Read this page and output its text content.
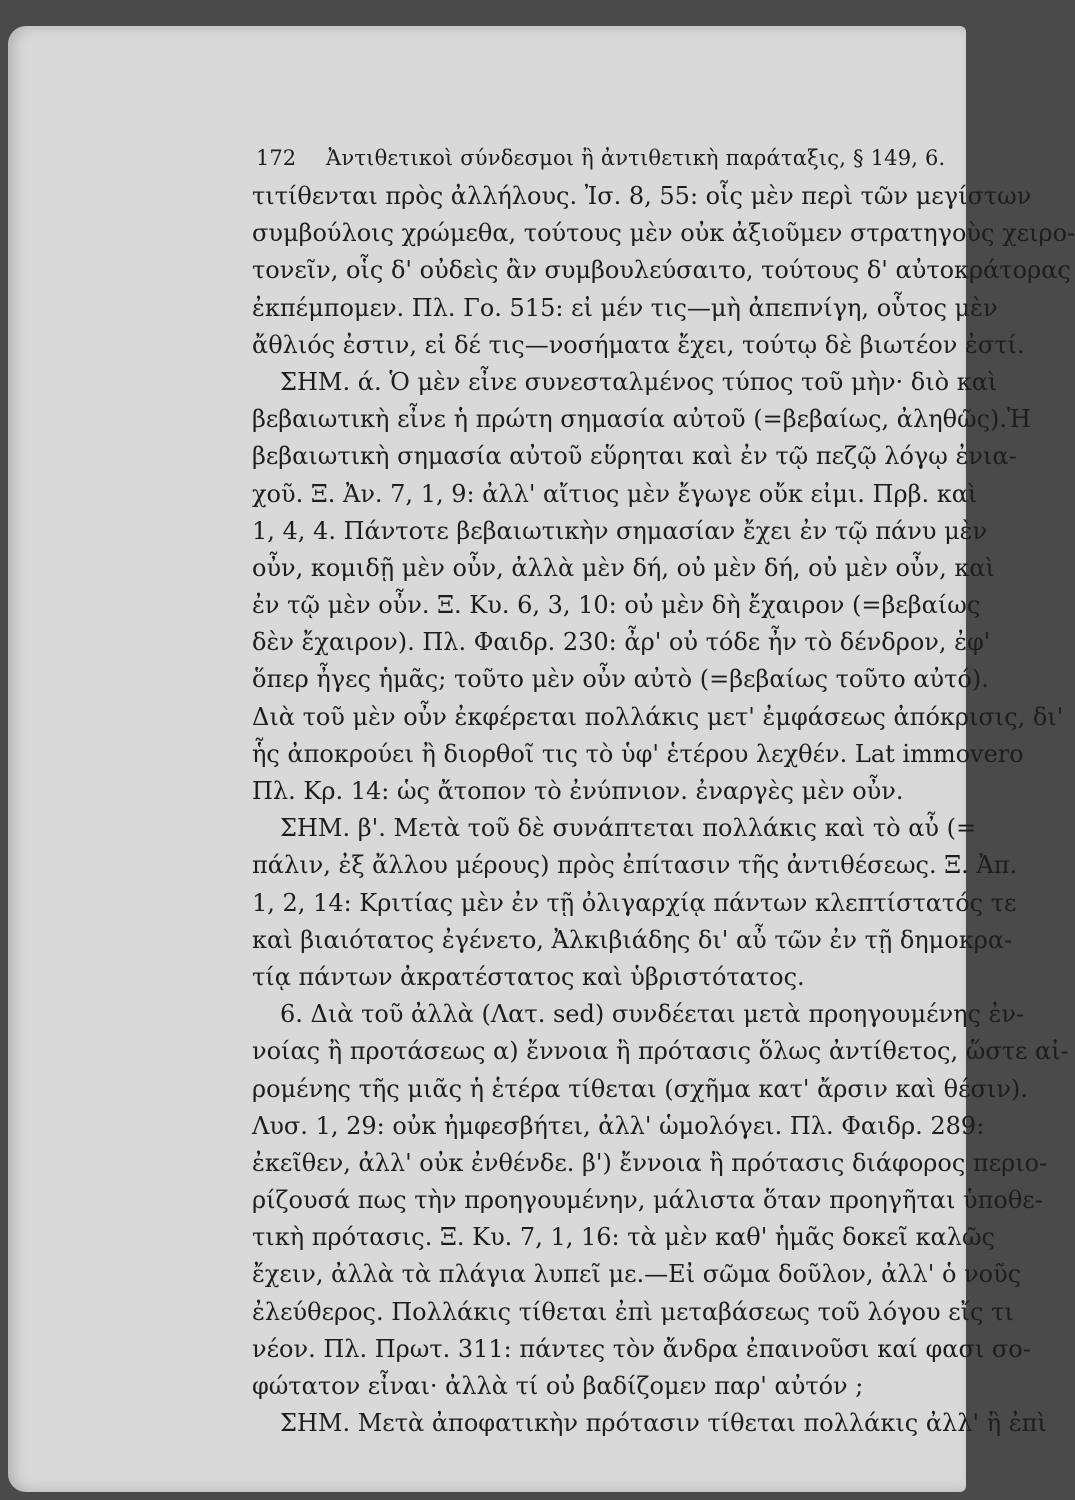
172 Ἀντιθετικοὶ σύνδεσμοι ἢ ἀντιθετικὴ παράταξις, § 149, 6.
τιτίθενται πρὸς ἀλλήλους. Ἰσ. 8, 55: οἷς μὲν περὶ τῶν μεγίστων
συμβούλοις χρώμεθα, τούτους μὲν οὐκ ἀξιοῦμεν στρατηγοὺς χειρο-
τονεῖν, οἷς δ' οὐδεὶς ἂν συμβουλεύσαιτο, τούτους δ' αὐτοκράτορας
ἐκπέμπομεν. Πλ. Γο. 515: εἰ μέν τις—μὴ ἀπεπνίγη, οὗτος μὲν
ἄθλιός ἐστιν, εἰ δέ τις—νοσήματα ἔχει, τούτῳ δὲ βιωτέον ἐστί.
ΣΗΜ. ά. Ὁ μὲν εἶνε συνεσταλμένος τύπος τοῦ μὴν· διὸ καὶ
βεβαιωτικὴ εἶνε ἡ πρώτη σημασία αὐτοῦ (=βεβαίως, ἀληθῶς).Ἡ
βεβαιωτικὴ σημασία αὐτοῦ εὕρηται καὶ ἐν τῷ πεζῷ λόγῳ ἐνια-
χοῦ. Ξ. Ἀν. 7, 1, 9: ἀλλ' αἴτιος μὲν ἔγωγε οὔκ εἰμι. Πρβ. καὶ
1, 4, 4. Πάντοτε βεβαιωτικὴν σημασίαν ἔχει ἐν τῷ πάνυ μὲν
οὖν, κομιδῇ μὲν οὖν, ἀλλὰ μὲν δή, οὐ μὲν δή, οὐ μὲν οὖν, καὶ
ἐν τῷ μὲν οὖν. Ξ. Κυ. 6, 3, 10: οὐ μὲν δὴ ἔχαιρον (=βεβαίως
δὲν ἔχαιρον). Πλ. Φαιδρ. 230: ἆρ' οὐ τόδε ἦν τὸ δένδρον, ἐφ'
ὅπερ ἦγες ἡμᾶς; τοῦτο μὲν οὖν αὐτὸ (=βεβαίως τοῦτο αὐτό).
Διὰ τοῦ μὲν οὖν ἐκφέρεται πολλάκις μετ' ἐμφάσεως ἀπόκρισις, δι'
ἧς ἀποκρούει ἢ διορθοῖ τις τὸ ὑφ' ἑτέρου λεχθέν. Lat immovero
Πλ. Κρ. 14: ὡς ἄτοπον τὸ ἐνύπνιον. ἐναργὲς μὲν οὖν.
ΣΗΜ. β'. Μετὰ τοῦ δὲ συνάπτεται πολλάκις καὶ τὸ αὖ (=
πάλιν, ἐξ ἄλλου μέρους) πρὸς ἐπίτασιν τῆς ἀντιθέσεως. Ξ. Ἀπ.
1, 2, 14: Κριτίας μὲν ἐν τῇ ὀλιγαρχίᾳ πάντων κλεπτίστατός τε
καὶ βιαιότατος ἐγένετο, Ἀλκιβιάδης δι' αὖ τῶν ἐν τῇ δημοκρα-
τίᾳ πάντων ἀκρατέστατος καὶ ὑβριστότατος.
6. Διὰ τοῦ ἀλλὰ (Λατ. sed) συνδέεται μετὰ προηγουμένης ἐν-
νοίας ἢ προτάσεως α) ἔννοια ἢ πρότασις ὅλως ἀντίθετος, ὥστε αἰ-
ρομένης τῆς μιᾶς ἡ ἑτέρα τίθεται (σχῆμα κατ' ἄρσιν καὶ θέσιν).
Λυσ. 1, 29: οὐκ ἠμφεσβήτει, ἀλλ' ὡμολόγει. Πλ. Φαιδρ. 289:
ἐκεῖθεν, ἀλλ' οὐκ ἐνθένδε. β') ἔννοια ἢ πρότασις διάφορος περιο-
ρίζουσά πως τὴν προηγουμένην, μάλιστα ὅταν προηγῆται ὑποθε-
τικὴ πρότασις. Ξ. Κυ. 7, 1, 16: τὰ μὲν καθ' ἡμᾶς δοκεῖ καλῶς
ἔχειν, ἀλλὰ τὰ πλάγια λυπεῖ με.—Εἰ σῶμα δοῦλον, ἀλλ' ὁ νοῦς
ἐλεύθερος. Πολλάκις τίθεται ἐπὶ μεταβάσεως τοῦ λόγου εἴς τι
νέον. Πλ. Πρωτ. 311: πάντες τὸν ἄνδρα ἐπαινοῦσι καί φασι σο-
φώτατον εἶναι· ἀλλὰ τί οὐ βαδίζομεν παρ' αὐτόν ;
ΣΗΜ. Μετὰ ἀποφατικὴν πρότασιν τίθεται πολλάκις ἀλλ' ἢ ἐπὶ
